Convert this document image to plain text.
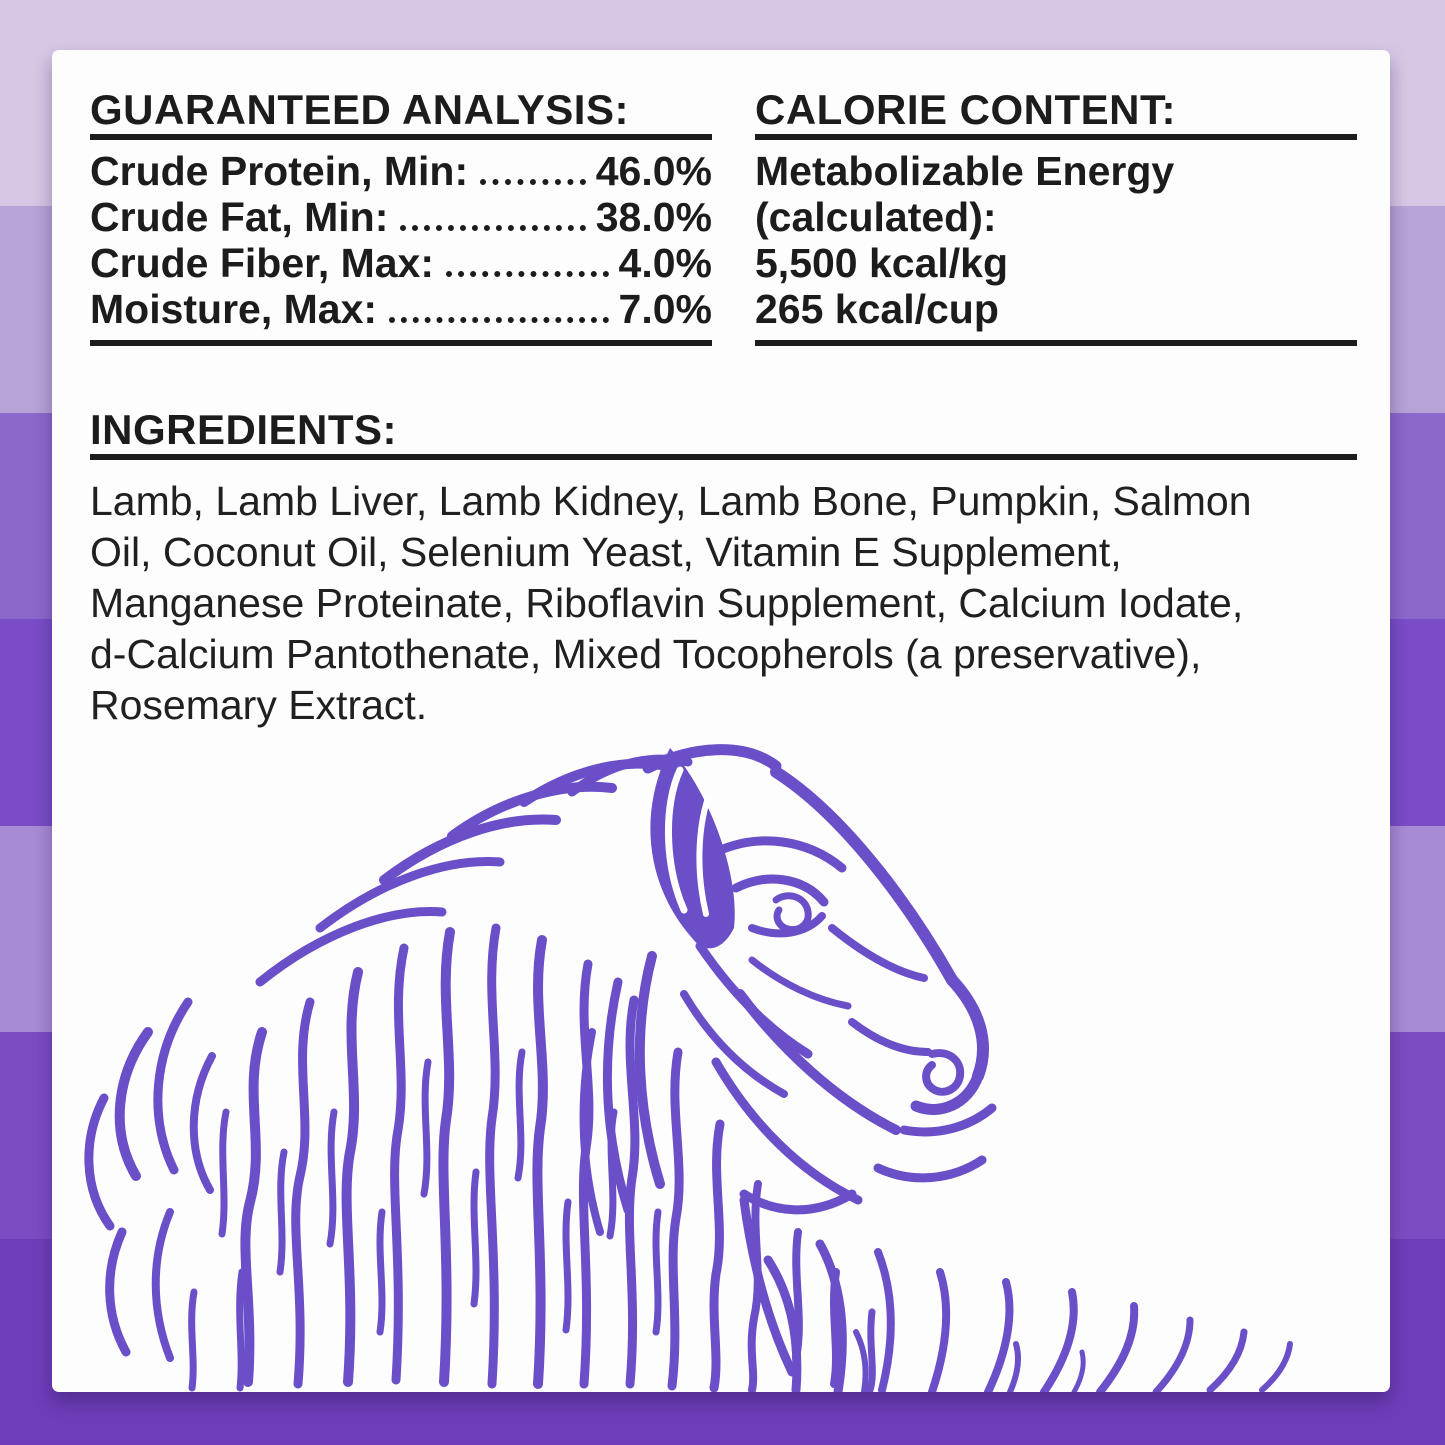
GUARANTEED ANALYSIS:
Crude Protein, Min:	46.0%
Crude Fat, Min:	38.0%
Crude Fiber, Max:	4.0%
Moisture, Max:	7.0%
CALORIE CONTENT:
Metabolizable Energy
(calculated):
5,500 kcal/kg
265 kcal/cup
INGREDIENTS:
Lamb, Lamb Liver, Lamb Kidney, Lamb Bone, Pumpkin, Salmon
Oil, Coconut Oil, Selenium Yeast, Vitamin E Supplement,
Manganese Proteinate, Riboflavin Supplement, Calcium Iodate,
d-Calcium Pantothenate, Mixed Tocopherols (a preservative),
Rosemary Extract.
